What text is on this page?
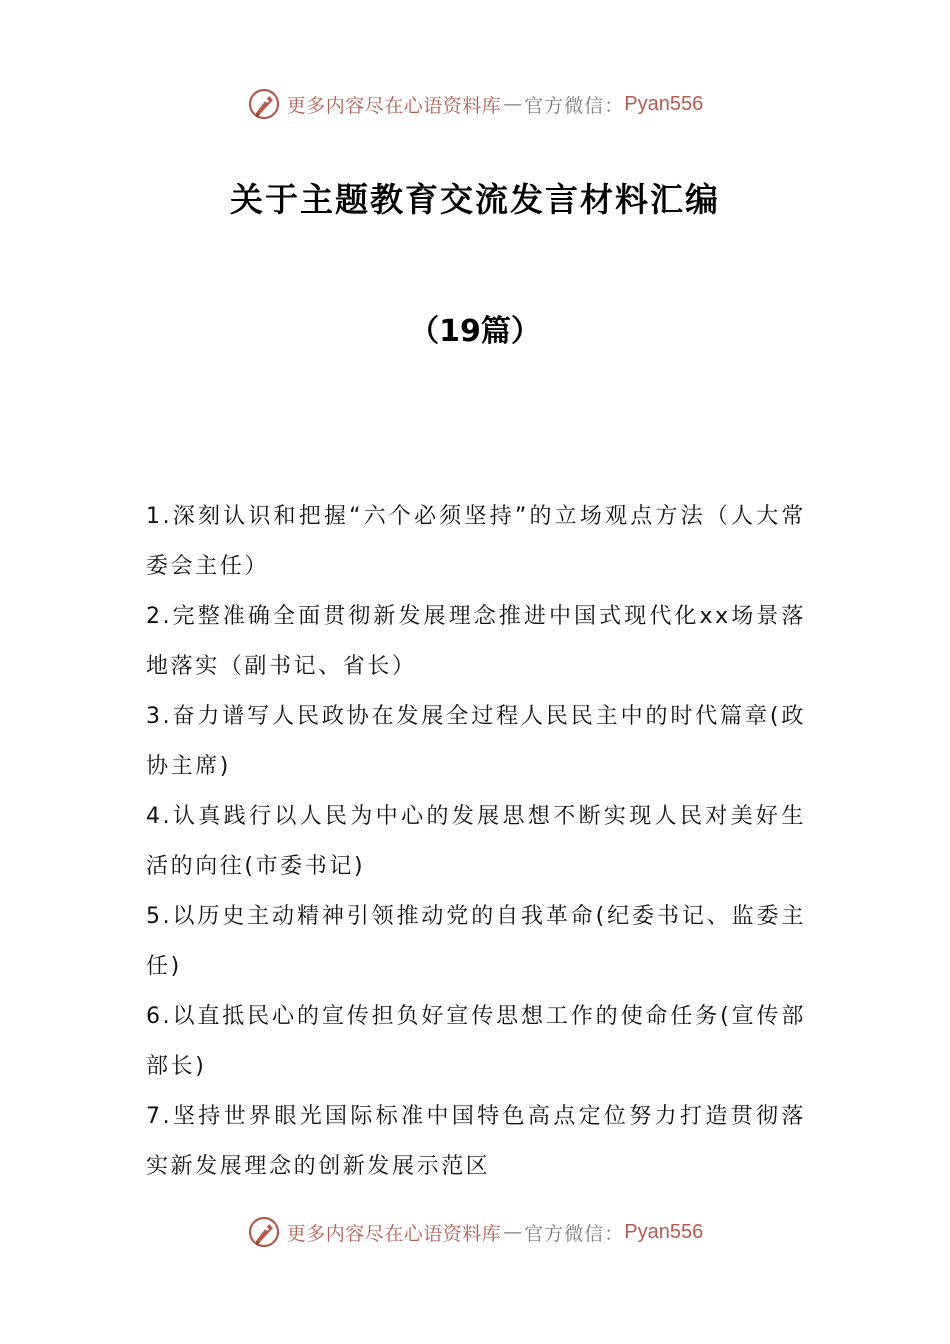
更多内容尽在心语资料库 — 官方微信： Pyan556
关于主题教育交流发言材料汇编
（19篇）
1.深刻认识和把握“六个必须坚持”的立场观点方法（人大常委会主任）
2.完整准确全面贯彻新发展理念推进中国式现代化xx场景落地落实（副书记、省长）
3.奋力谱写人民政协在发展全过程人民民主中的时代篇章(政协主席)
4.认真践行以人民为中心的发展思想不断实现人民对美好生活的向往(市委书记)
5.以历史主动精神引领推动党的自我革命(纪委书记、监委主任)
6.以直抵民心的宣传担负好宣传思想工作的使命任务(宣传部部长)
7.坚持世界眼光国际标准中国特色高点定位努力打造贯彻落实新发展理念的创新发展示范区
更多内容尽在心语资料库 — 官方微信： Pyan556
